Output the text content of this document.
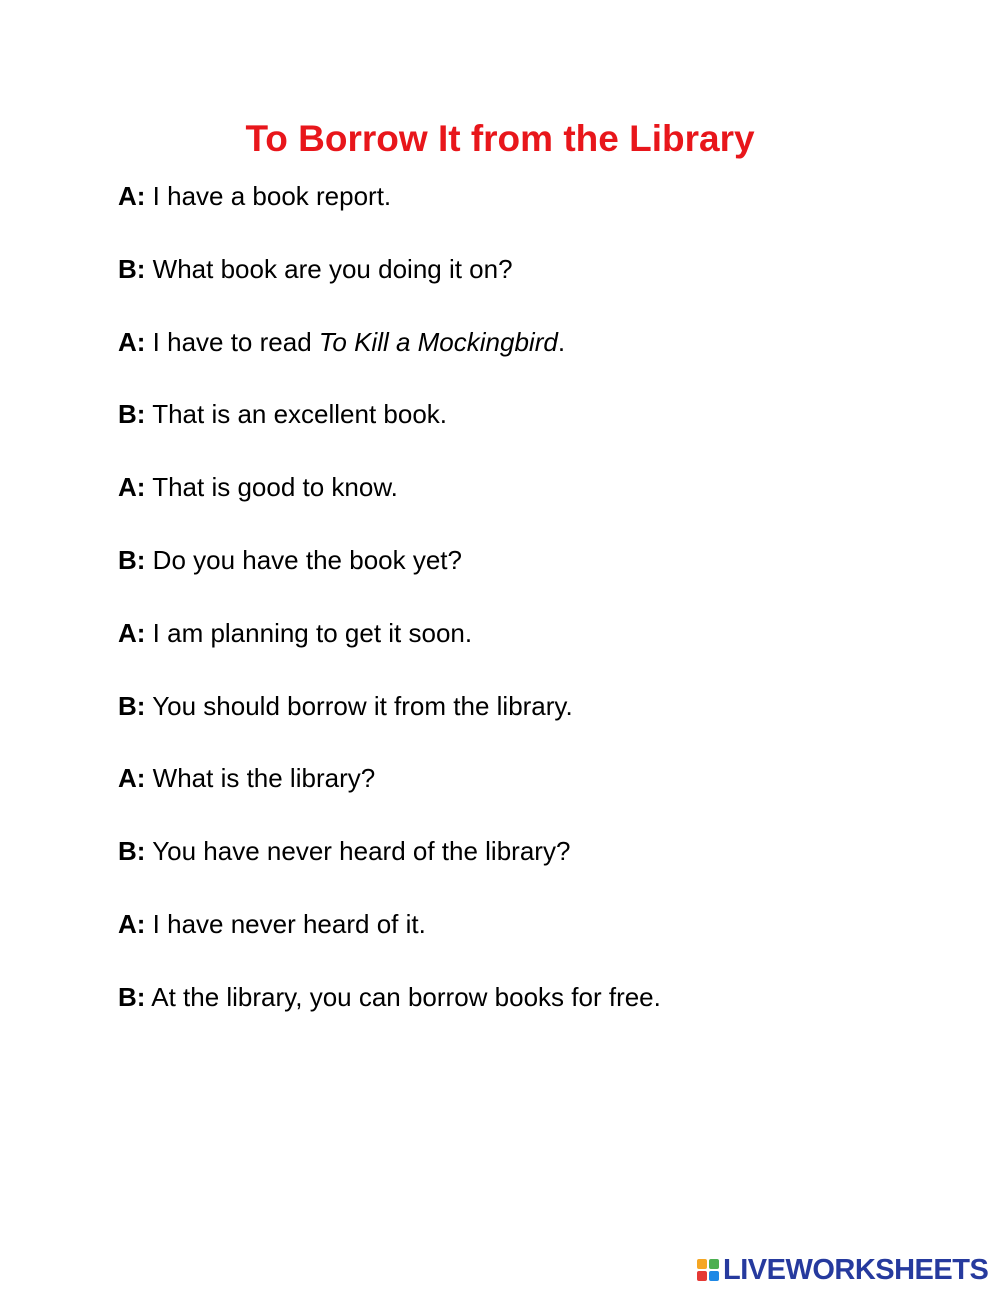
To Borrow It from the Library
A: I have a book report.
B: What book are you doing it on?
A: I have to read To Kill a Mockingbird.
B: That is an excellent book.
A: That is good to know.
B: Do you have the book yet?
A: I am planning to get it soon.
B: You should borrow it from the library.
A: What is the library?
B: You have never heard of the library?
A: I have never heard of it.
B: At the library, you can borrow books for free.
LIVEWORKSHEETS
